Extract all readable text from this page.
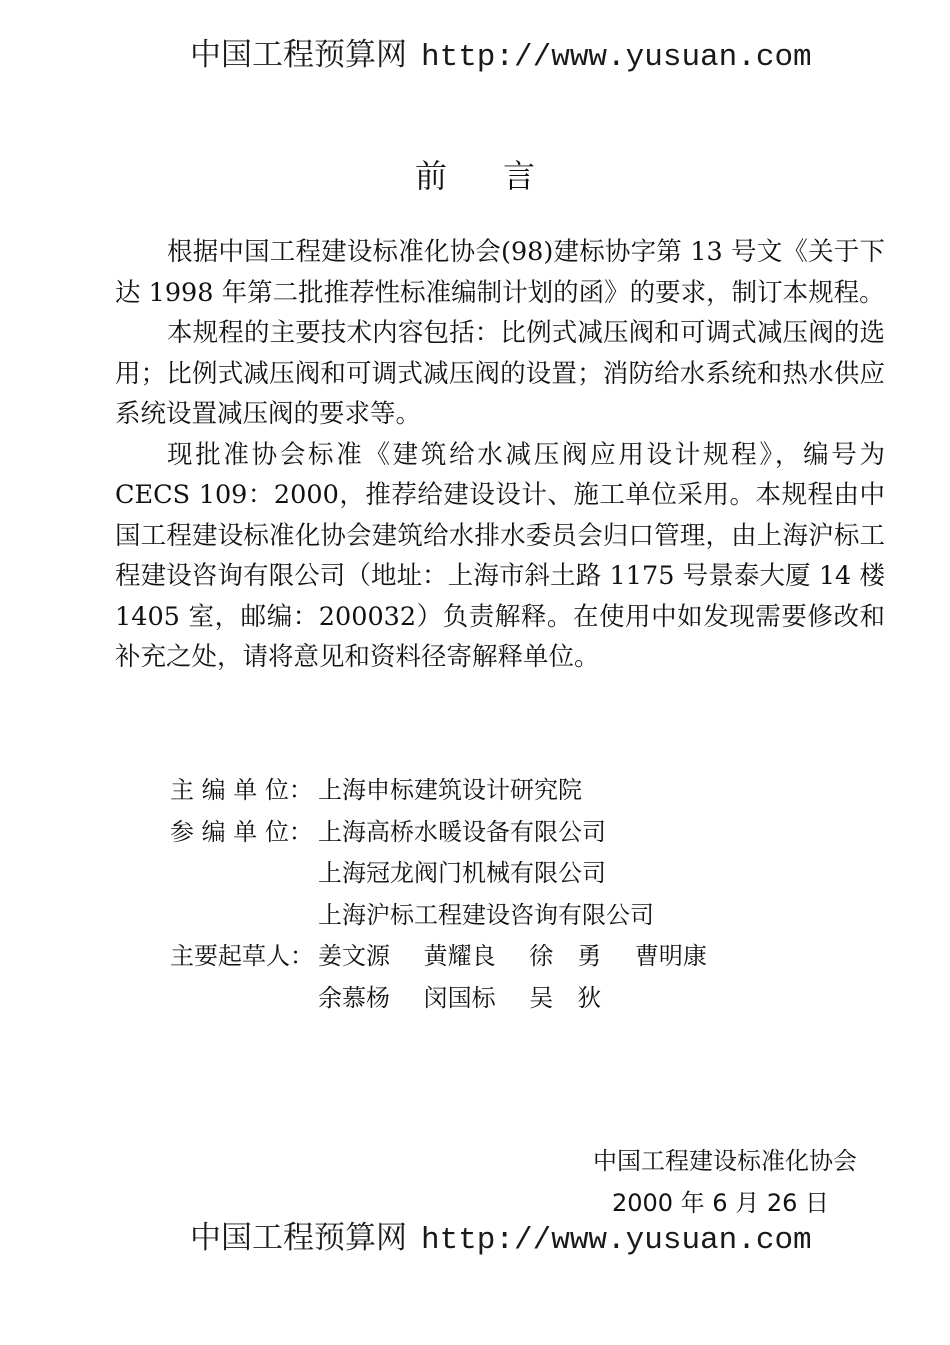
中国工程预算网 http://www.yusuan.com
前言

根据中国工程建设标准化协会(98)建标协字第 13 号文《关于下达 1998 年第二批推荐性标准编制计划的函》的要求，制订本规程。

本规程的主要技术内容包括：比例式减压阀和可调式减压阀的选用；比例式减压阀和可调式减压阀的设置；消防给水系统和热水供应系统设置减压阀的要求等。

现批准协会标准《建筑给水减压阀应用设计规程》，编号为 CECS 109：2000，推荐给建设设计、施工单位采用。本规程由中国工程建设标准化协会建筑给水排水委员会归口管理，由上海沪标工程建设咨询有限公司（地址：上海市斜土路 1175 号景泰大厦 14 楼 1405 室，邮编：200032）负责解释。在使用中如发现需要修改和补充之处，请将意见和资料径寄解释单位。

主 编 单 位： 上海申标建筑设计研究院
参 编 单 位： 上海高桥水暖设备有限公司
上海冠龙阀门机械有限公司
上海沪标工程建设咨询有限公司
主要起草人： 姜文源 黄耀良 徐　勇 曹明康
余慕杨 闵国标 吴　狄
中国工程建设标准化协会
2000 年 6 月 26 日
中国工程预算网 http://www.yusuan.com
